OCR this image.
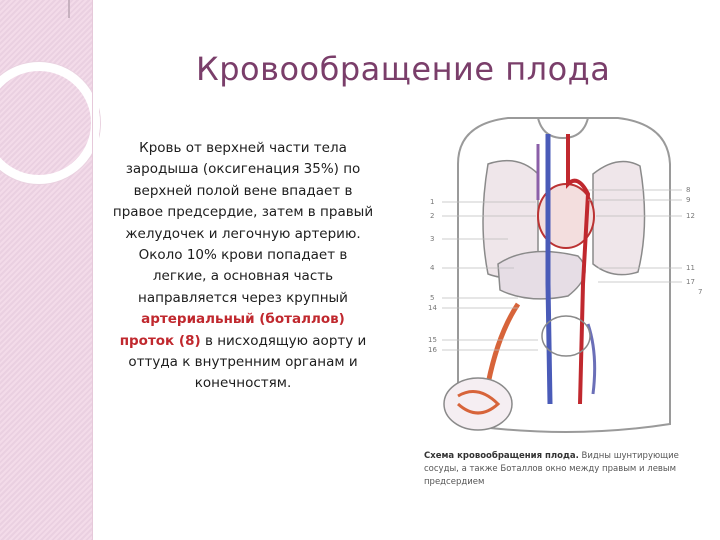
Кровообращение плода
Кровь от верхней части тела зародыша (оксигенация 35%) по верхней полой вене впадает в правое предсердие, затем в правый желудочек и легочную артерию. Около 10% крови попадает в легкие, а основная часть направляется через крупный артериальный (боталлов) проток (8) в нисходящую аорту и оттуда к внутренним органам и конечностям.
1
2
3
4
5
14
15
16
8
9
12
11
17
7
Схема кровообращения плода. Видны шунтирующие сосуды, а также Боталлов окно между правым и левым предсердием
